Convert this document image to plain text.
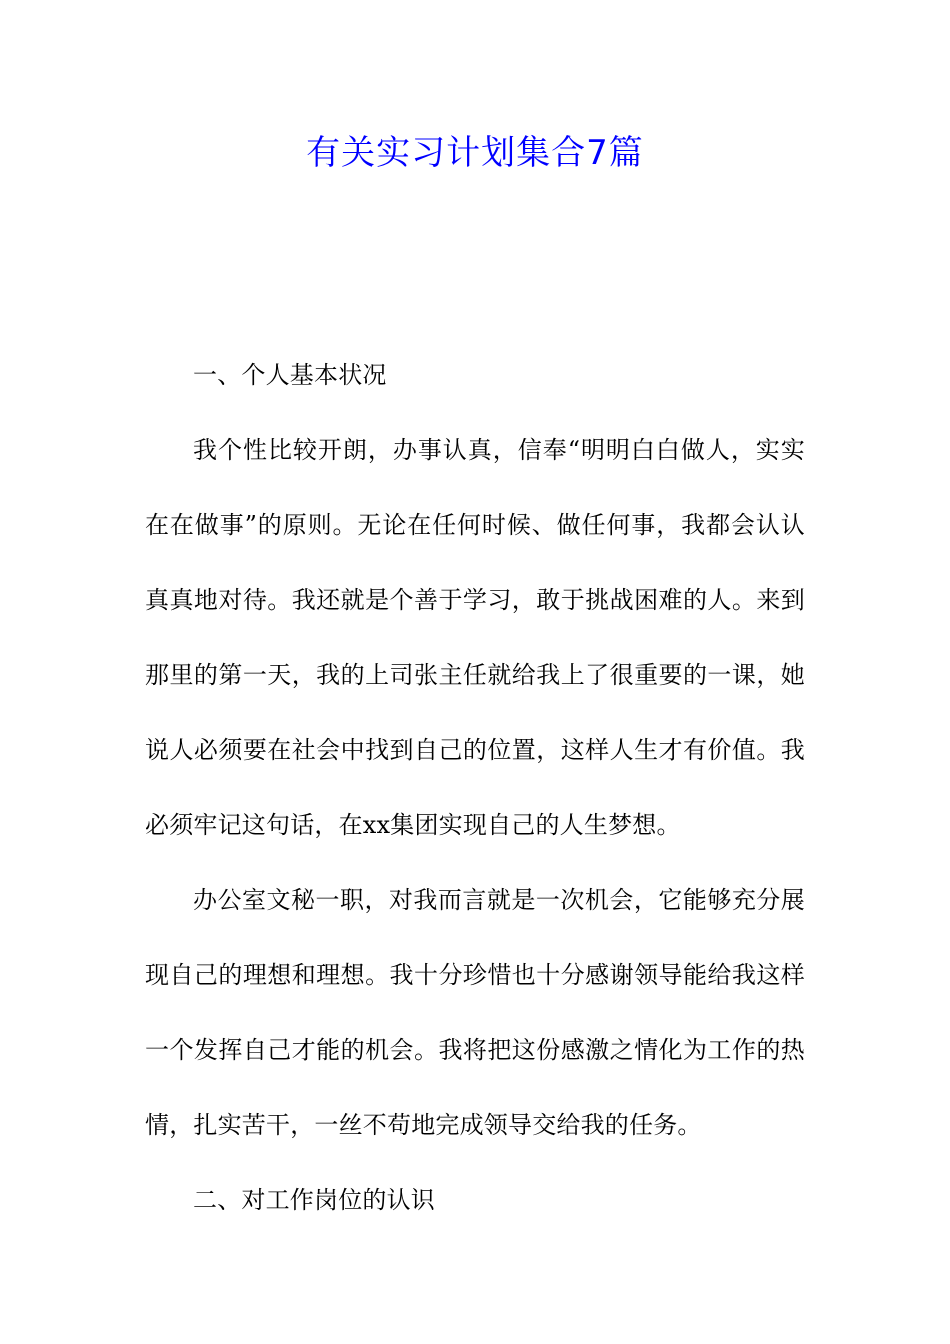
有关实习计划集合7篇

一、个人基本状况

我个性比较开朗，办事认真，信奉“明明白白做人，实实在在做事”的原则。无论在任何时候、做任何事，我都会认认真真地对待。我还就是个善于学习，敢于挑战困难的人。来到那里的第一天，我的上司张主任就给我上了很重要的一课，她说人必须要在社会中找到自己的位置，这样人生才有价值。我必须牢记这句话，在xx集团实现自己的人生梦想。

办公室文秘一职，对我而言就是一次机会，它能够充分展现自己的理想和理想。我十分珍惜也十分感谢领导能给我这样一个发挥自己才能的机会。我将把这份感激之情化为工作的热情，扎实苦干，一丝不苟地完成领导交给我的任务。

二、对工作岗位的认识
